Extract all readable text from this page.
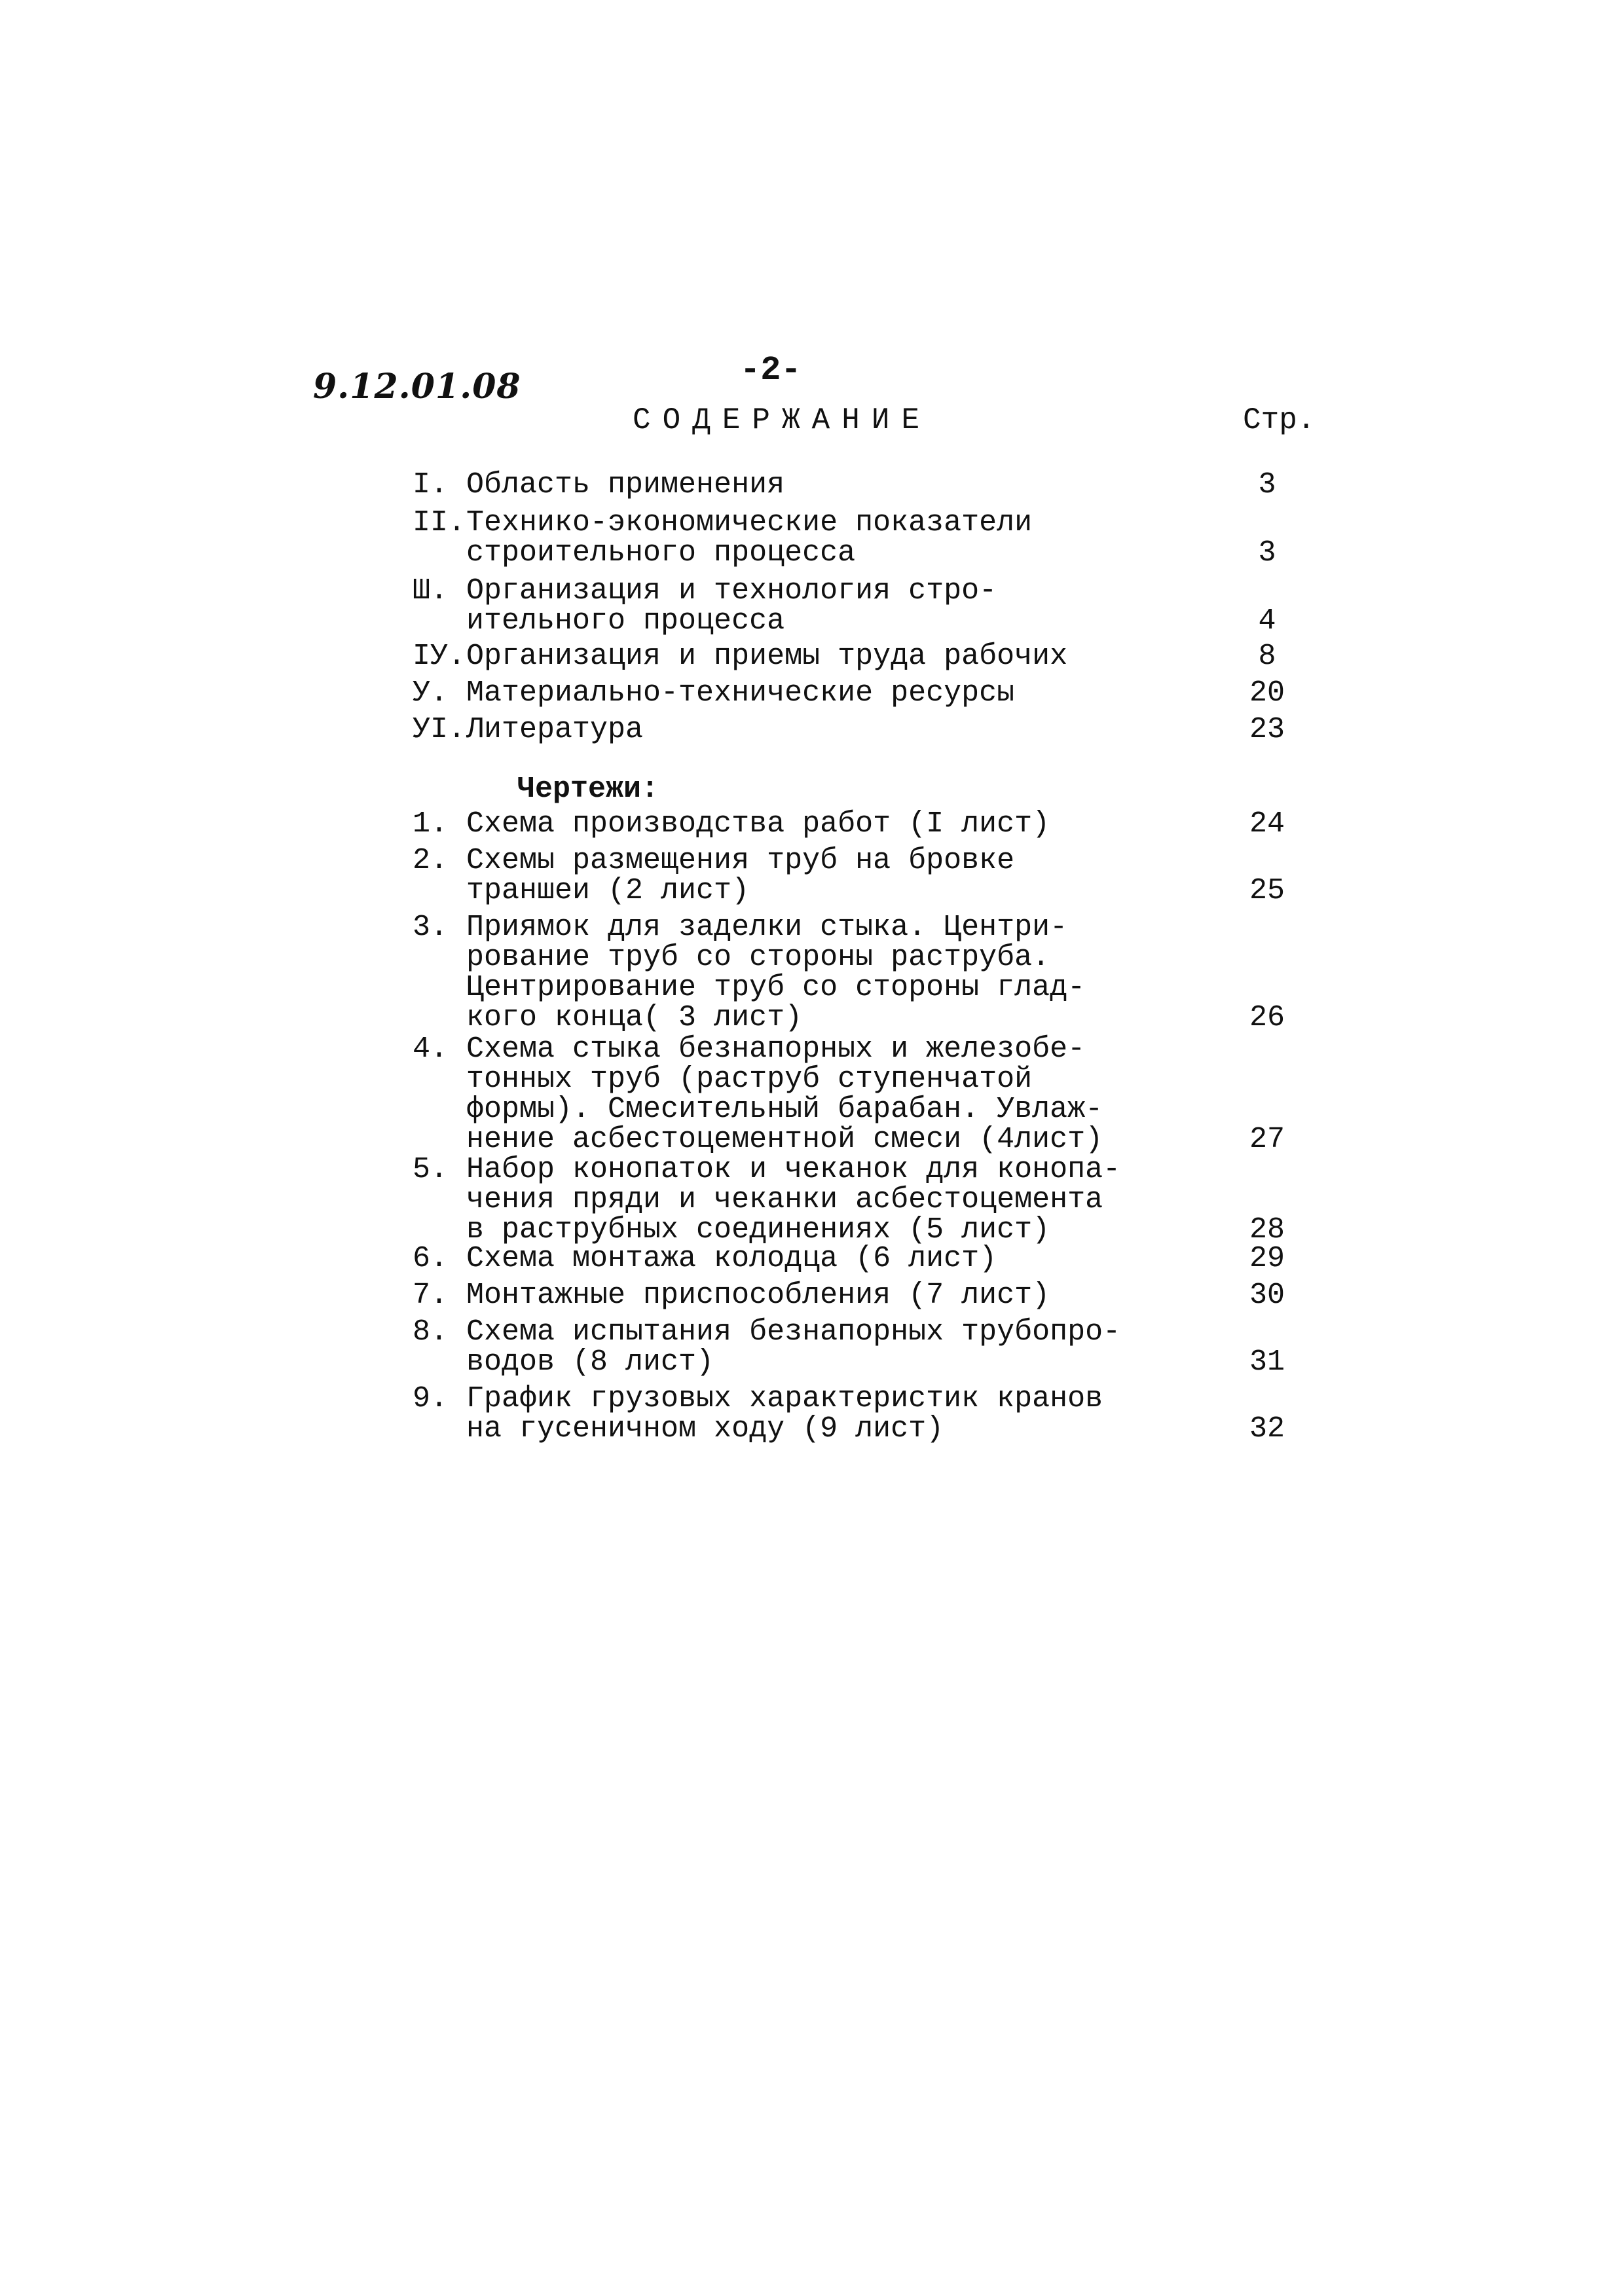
9.12.01.08	-2-
СОДЕРЖАНИЕ	Стр.
I. Область применения	3
II. Технико-экономические показатели
строительного процесса	3
Ш. Организация и технология стро-
ительного процесса	4
IУ. Организация и приемы труда рабочих	8
У. Материально-технические ресурсы	20
УI. Литература	23
Чертежи:
1. Схема производства работ (I лист)	24
2. Схемы размещения труб на бровке
траншеи (2 лист)	25
3. Приямок для заделки стыка. Центри-
рование труб со стороны раструба.
Центрирование труб со стороны глад-
кого конца( 3 лист)	26
4. Схема стыка безнапорных и железобе-
тонных труб (раструб ступенчатой
формы). Смесительный барабан. Увлаж-
нение асбестоцементной смеси (4лист)	27
5. Набор конопаток и чеканок для конопа-
чения пряди и чеканки асбестоцемента
в раструбных соединениях (5 лист)	28
6. Схема монтажа колодца (6 лист)	29
7. Монтажные приспособления (7 лист)	30
8. Схема испытания безнапорных трубопро-
водов (8 лист)	31
9. График грузовых характеристик кранов
на гусеничном ходу (9 лист)	32
